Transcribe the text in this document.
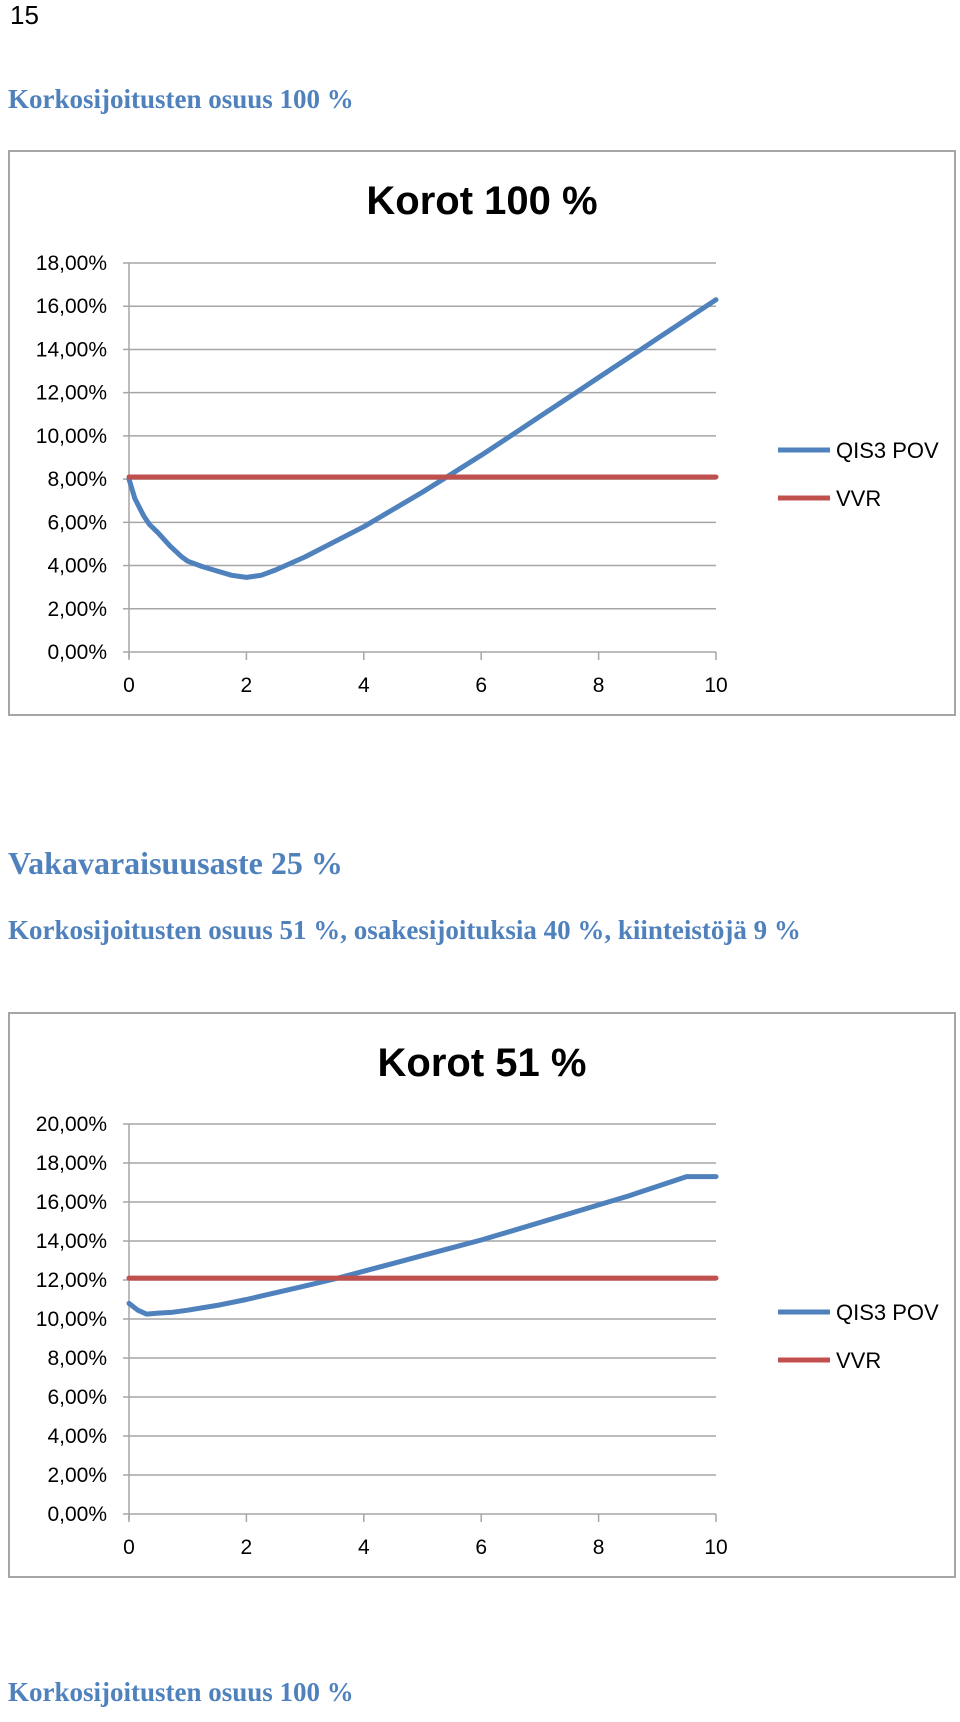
15
Korkosijoitusten osuus 100 %
Korot 100 %
0,00%
2,00%
4,00%
6,00%
8,00%
10,00%
12,00%
14,00%
16,00%
18,00%
0	2	4	6	8	10
QIS3 POV
VVR
Vakavaraisuusaste 25 %
Korkosijoitusten osuus 51 %, osakesijoituksia 40 %, kiinteistöjä 9 %
Korot 51 %
0,00%
2,00%
4,00%
6,00%
8,00%
10,00%
12,00%
14,00%
16,00%
18,00%
20,00%
0	2	4	6	8	10
QIS3 POV
VVR
Korkosijoitusten osuus 100 %
